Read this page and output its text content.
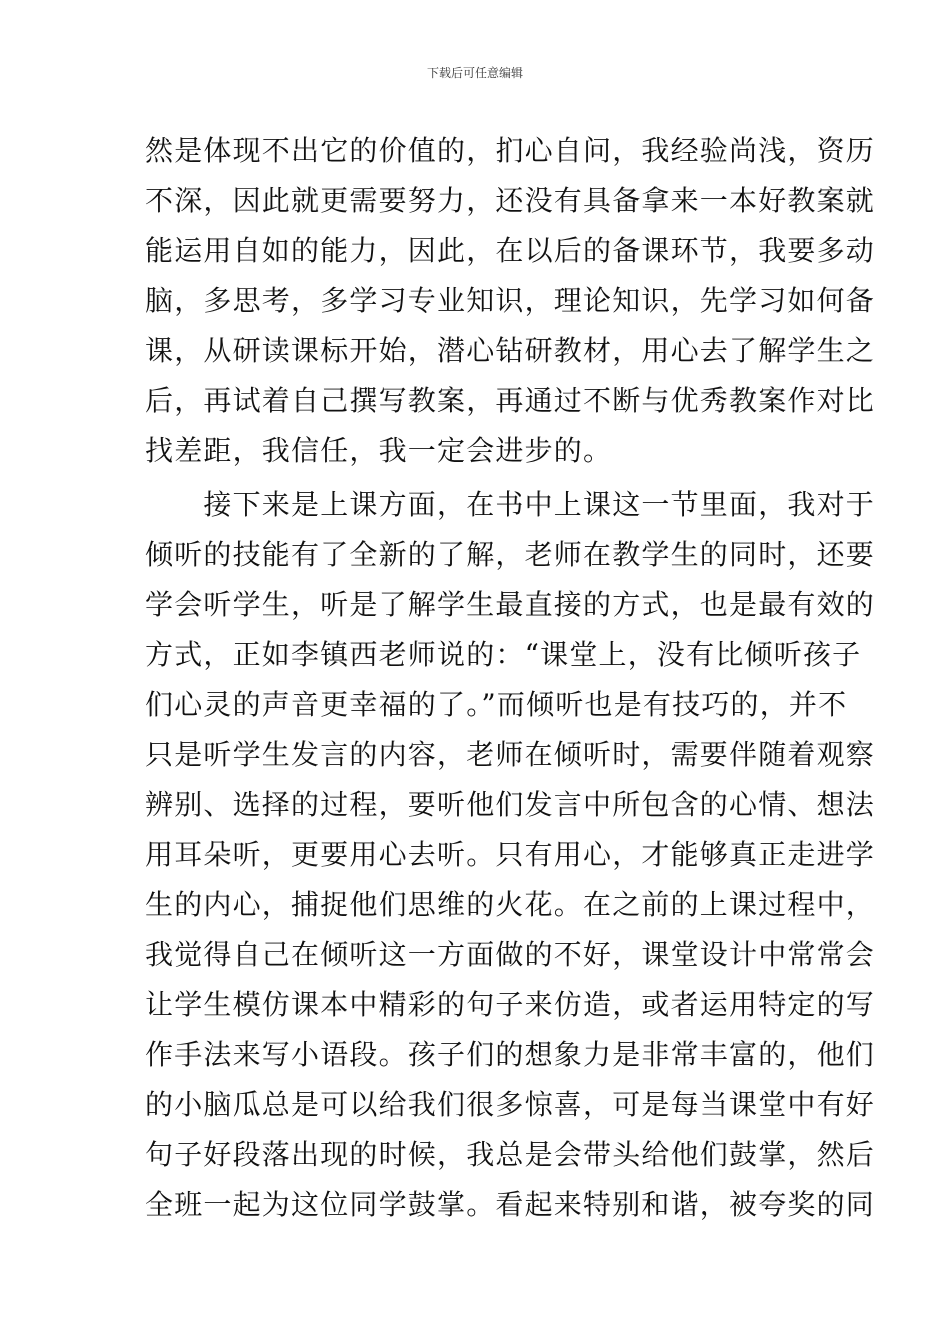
下载后可任意编辑
然是体现不出它的价值的，扪心自问，我经验尚浅，资历
不深，因此就更需要努力，还没有具备拿来一本好教案就
能运用自如的能力，因此，在以后的备课环节，我要多动
脑，多思考，多学习专业知识，理论知识，先学习如何备
课，从研读课标开始，潜心钻研教材，用心去了解学生之
后，再试着自己撰写教案，再通过不断与优秀教案作对比
找差距，我信任，我一定会进步的。
　　接下来是上课方面，在书中上课这一节里面，我对于
倾听的技能有了全新的了解，老师在教学生的同时，还要
学会听学生，听是了解学生最直接的方式，也是最有效的
方式，正如李镇西老师说的：“课堂上，没有比倾听孩子
们心灵的声音更幸福的了。”而倾听也是有技巧的，并不
只是听学生发言的内容，老师在倾听时，需要伴随着观察
辨别、选择的过程，要听他们发言中所包含的心情、想法
用耳朵听，更要用心去听。只有用心，才能够真正走进学
生的内心，捕捉他们思维的火花。在之前的上课过程中，
我觉得自己在倾听这一方面做的不好，课堂设计中常常会
让学生模仿课本中精彩的句子来仿造，或者运用特定的写
作手法来写小语段。孩子们的想象力是非常丰富的，他们
的小脑瓜总是可以给我们很多惊喜，可是每当课堂中有好
句子好段落出现的时候，我总是会带头给他们鼓掌，然后
全班一起为这位同学鼓掌。看起来特别和谐，被夸奖的同
